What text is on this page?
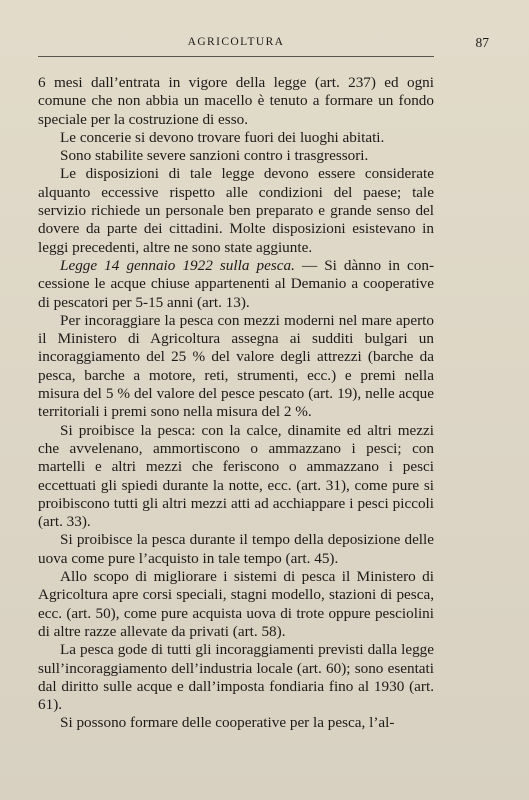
AGRICOLTURA	87

6 mesi dall’entrata in vigore della legge (art. 237) ed ogni comune che non abbia un macello è tenuto a formare un fondo speciale per la costruzione di esso.

Le concerie si devono trovare fuori dei luoghi abitati.

Sono stabilite severe sanzioni contro i trasgressori.

Le disposizioni di tale legge devono essere considerate alquanto eccessive rispetto alle condizioni del paese; tale servizio richiede un personale ben preparato e grande senso del dovere da parte dei cittadini. Molte disposizioni esistevano in leggi precedenti, altre ne sono state aggiunte.

Legge 14 gennaio 1922 sulla pesca. — Si dànno in concessione le acque chiuse appartenenti al Demanio a cooperative di pescatori per 5-15 anni (art. 13).

Per incoraggiare la pesca con mezzi moderni nel mare aperto il Ministero di Agricoltura assegna ai sudditi bulgari un incoraggiamento del 25 % del valore degli attrezzi (barche da pesca, barche a motore, reti, strumenti, ecc.) e premi nella misura del 5 % del valore del pesce pescato (art. 19), nelle acque territoriali i premi sono nella misura del 2 %.

Si proibisce la pesca: con la calce, dinamite ed altri mezzi che avvelenano, ammortiscono o ammazzano i pesci; con martelli e altri mezzi che feriscono o ammazzano i pesci eccettuati gli spiedi durante la notte, ecc. (art. 31), come pure si proibiscono tutti gli altri mezzi atti ad acchiappare i pesci piccoli (art. 33).

Si proibisce la pesca durante il tempo della deposizione delle uova come pure l’acquisto in tale tempo (art. 45).

Allo scopo di migliorare i sistemi di pesca il Ministero di Agricoltura apre corsi speciali, stagni modello, stazioni di pesca, ecc. (art. 50), come pure acquista uova di trote oppure pesciolini di altre razze allevate da privati (art. 58).

La pesca gode di tutti gli incoraggiamenti previsti dalla legge sull’incoraggiamento dell’industria locale (art. 60); sono esentati dal diritto sulle acque e dall’imposta fondiaria fino al 1930 (art. 61).

Si possono formare delle cooperative per la pesca, l’al-
